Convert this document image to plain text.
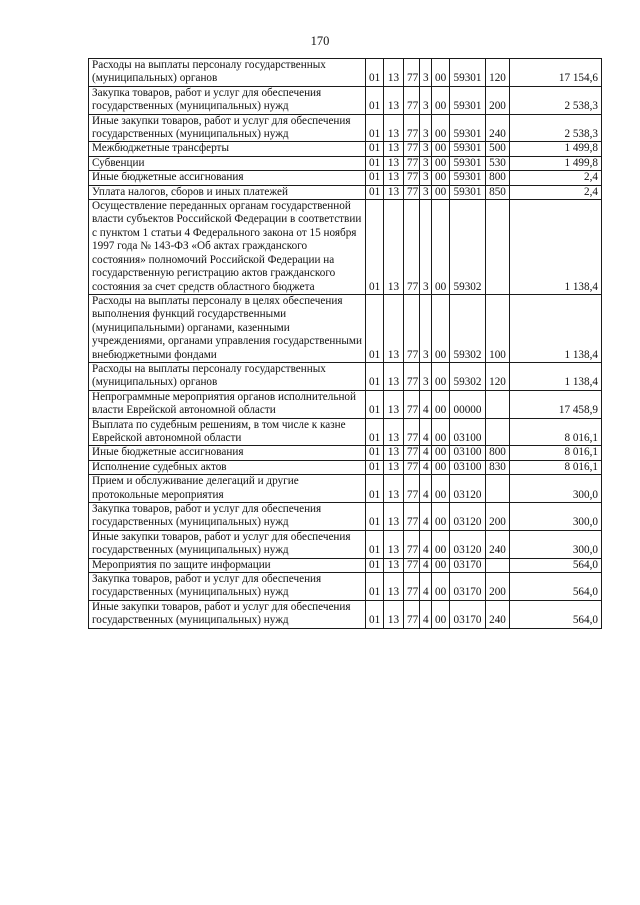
170
Расходы на выплаты персоналу государственных (муниципальных) органов	01	13	77	3	00	59301	120	17 154,6
Закупка товаров, работ и услуг для обеспечения государственных (муниципальных) нужд	01	13	77	3	00	59301	200	2 538,3
Иные закупки товаров, работ и услуг для обеспечения государственных (муниципальных) нужд	01	13	77	3	00	59301	240	2 538,3
Межбюджетные трансферты	01	13	77	3	00	59301	500	1 499,8
Субвенции	01	13	77	3	00	59301	530	1 499,8
Иные бюджетные ассигнования	01	13	77	3	00	59301	800	2,4
Уплата налогов, сборов и иных платежей	01	13	77	3	00	59301	850	2,4
Осуществление переданных органам государственной власти субъектов Российской Федерации в соответствии с пунктом 1 статьи 4 Федерального закона от 15 ноября 1997 года № 143-ФЗ «Об актах гражданского состояния» полномочий Российской Федерации на государственную регистрацию актов гражданского состояния за счет средств областного бюджета	01	13	77	3	00	59302		1 138,4
Расходы на выплаты персоналу в целях обеспечения выполнения функций государственными (муниципальными) органами, казенными учреждениями, органами управления государственными внебюджетными фондами	01	13	77	3	00	59302	100	1 138,4
Расходы на выплаты персоналу государственных (муниципальных) органов	01	13	77	3	00	59302	120	1 138,4
Непрограммные мероприятия органов исполнительной власти Еврейской автономной области	01	13	77	4	00	00000		17 458,9
Выплата по судебным решениям, в том числе к казне Еврейской автономной области	01	13	77	4	00	03100		8 016,1
Иные бюджетные ассигнования	01	13	77	4	00	03100	800	8 016,1
Исполнение судебных актов	01	13	77	4	00	03100	830	8 016,1
Прием и обслуживание делегаций и другие протокольные мероприятия	01	13	77	4	00	03120		300,0
Закупка товаров, работ и услуг для обеспечения государственных (муниципальных) нужд	01	13	77	4	00	03120	200	300,0
Иные закупки товаров, работ и услуг для обеспечения государственных (муниципальных) нужд	01	13	77	4	00	03120	240	300,0
Мероприятия по защите информации	01	13	77	4	00	03170		564,0
Закупка товаров, работ и услуг для обеспечения государственных (муниципальных) нужд	01	13	77	4	00	03170	200	564,0
Иные закупки товаров, работ и услуг для обеспечения государственных (муниципальных) нужд	01	13	77	4	00	03170	240	564,0
